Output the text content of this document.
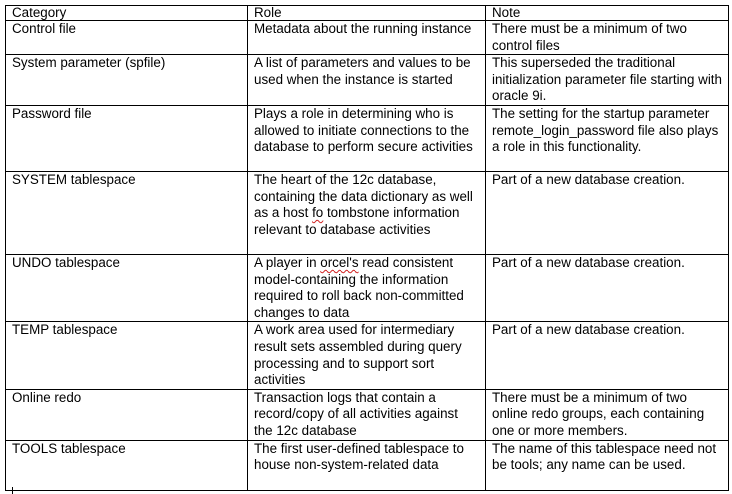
Category	Role	Note
Control file	Metadata about the running instance	There must be a minimum of two control files
System parameter (spfile)	A list of parameters and values to be used when the instance is started	This superseded the traditional initialization parameter file starting with oracle 9i.
Password file	Plays a role in determining who is allowed to initiate connections to the database to perform secure activities	The setting for the startup parameter remote_login_password file also plays a role in this functionality.
SYSTEM tablespace	The heart of the 12c database, containing the data dictionary as well as a host fo tombstone information relevant to database activities	Part of a new database creation.
UNDO tablespace	A player in orcel's read consistent model-containing the information required to roll back non-committed changes to data	Part of a new database creation.
TEMP tablespace	A work area used for intermediary result sets assembled during query processing and to support sort activities	Part of a new database creation.
Online redo	Transaction logs that contain a record/copy of all activities against the 12c database	There must be a minimum of two online redo groups, each containing one or more members.
TOOLS tablespace	The first user-defined tablespace to house non-system-related data	The name of this tablespace need not be tools; any name can be used.
